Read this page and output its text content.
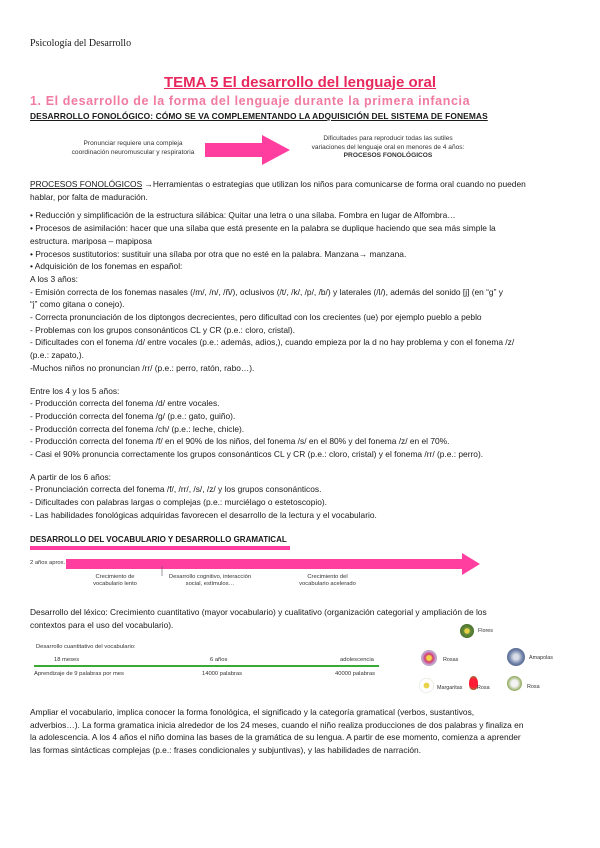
Psicología del Desarrollo
TEMA 5 El desarrollo del lenguaje oral
1. El desarrollo de la forma del lenguaje durante la primera infancia
DESARROLLO FONOLÓGICO: CÓMO SE VA COMPLEMENTANDO LA ADQUISICIÓN DEL SISTEMA DE FONEMAS

Pronunciar requiere una compleja

coordinación neuromuscular y respiratoria

Dificultades para reproducir todas las sutiles

variaciones del lenguaje oral en menores de 4 años:

PROCESOS FONOLÓGICOS

PROCESOS FONOLÓGICOS →Herramientas o estrategias que utilizan los niños para comunicarse de forma oral cuando no pueden

hablar, por falta de maduración.

• Reducción y simplificación de la estructura silábica: Quitar una letra o una sílaba. Fombra en lugar de Alfombra…

• Procesos de asimilación: hacer que una sílaba que está presente en la palabra se duplique haciendo que sea más simple la

estructura. mariposa – mapiposa

• Procesos sustitutorios: sustituir una sílaba por otra que no esté en la palabra. Manzana→ manzana.

• Adquisición de los fonemas en español:

A los 3 años:

- Emisión correcta de los fonemas nasales (/m/, /n/, /ñ/), oclusivos (/t/, /k/, /p/, /b/) y laterales (/l/), además del sonido [j] (en “g” y

“j” como gitana o conejo).

- Correcta pronunciación de los diptongos decrecientes, pero dificultad con los crecientes (ue) por ejemplo pueblo a peblo

- Problemas con los grupos consonánticos CL y CR (p.e.: cloro, cristal).

- Dificultades con el fonema /d/ entre vocales (p.e.: además, adios,), cuando empieza por la d no hay problema y con el fonema /z/

(p.e.: zapato,).

-Muchos niños no pronuncian /rr/ (p.e.: perro, ratón, rabo…).

Entre los 4 y los 5 años:

- Producción correcta del fonema /d/ entre vocales.

- Producción correcta del fonema /g/ (p.e.: gato, guiño).

- Producción correcta del fonema /ch/ (p.e.: leche, chicle).

- Producción correcta del fonema /f/ en el 90% de los niños, del fonema /s/ en el 80% y del fonema /z/ en el 70%.

- Casi el 90% pronuncia correctamente los grupos consonánticos CL y CR (p.e.: cloro, cristal) y el fonema /rr/ (p.e.: perro).

A partir de los 6 años:

- Pronunciación correcta del fonema /f/, /rr/, /s/, /z/ y los grupos consonánticos.

- Dificultades con palabras largas o complejas (p.e.: murciélago o estetoscopio).

- Las habilidades fonológicas adquiridas favorecen el desarrollo de la lectura y el vocabulario.

DESARROLLO DEL VOCABULARIO Y DESARROLLO GRAMATICAL
2 años aprox.

Crecimiento de

vocabulario lento

Desarrollo cognitivo, interacción

social, estímulos…

Crecimiento del

vocabulario acelerado

Desarrollo del léxico: Crecimiento cuantitativo (mayor vocabulario) y cualitativo (organización categorial y ampliación de los

contextos para el uso del vocabulario).

Desarrollo cuantitativo del vocabulario:
18 meses	6 años	adolescencia
Aprendizaje de 9 palabras por mes	14000 palabras	40000 palabras
Flores
Rosas	Amapolas
Margaritas	Rosa	Rosa

Ampliar el vocabulario, implica conocer la forma fonológica, el significado y la categoría gramatical (verbos, sustantivos,

adverbios…). La forma gramatica inicia alrededor de los 24 meses, cuando el niño realiza producciones de dos palabras y finaliza en

la adolescencia. A los 4 años el niño domina las bases de la gramática de su lengua. A partir de ese momento, comienza a aprender

las formas sintácticas complejas (p.e.: frases condicionales y subjuntivas), y las habilidades de narración.
